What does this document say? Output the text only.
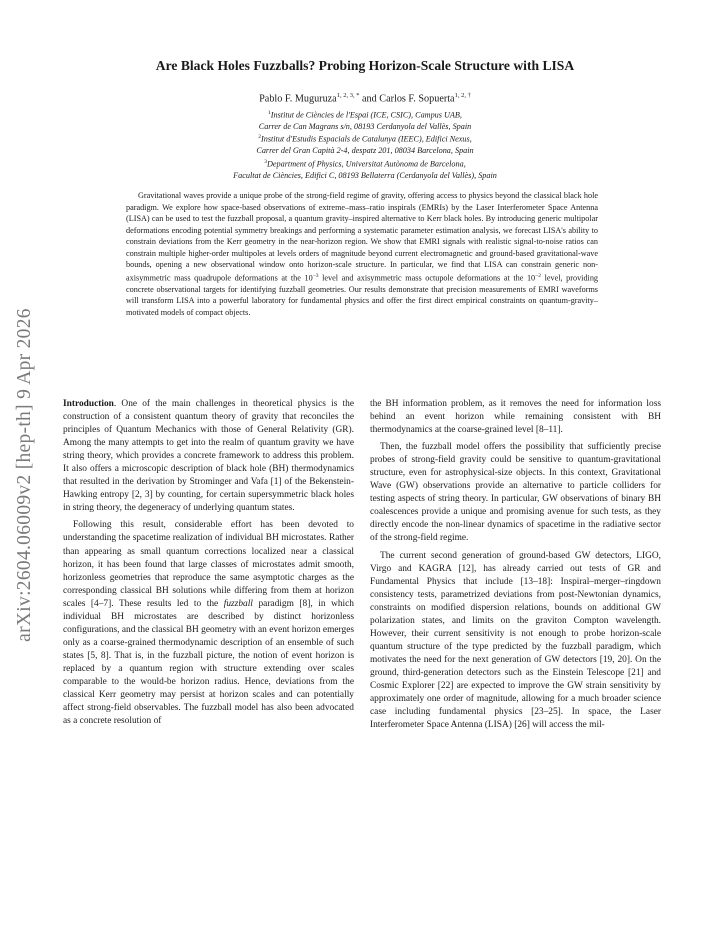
arXiv:2604.06009v2 [hep-th] 9 Apr 2026
Are Black Holes Fuzzballs? Probing Horizon-Scale Structure with LISA
Pablo F. Muguruza$^{1, 2, 3, *}$ and Carlos F. Sopuerta$^{1, 2, \dagger}$
$^1$Institut de Ciències de l'Espai (ICE, CSIC), Campus UAB,
Carrer de Can Magrans s/n, 08193 Cerdanyola del Vallès, Spain
$^2$Institut d'Estudis Espacials de Catalunya (IEEC), Edifici Nexus,
Carrer del Gran Capità 2-4, despatz 201, 08034 Barcelona, Spain
$^3$Department of Physics, Universitat Autònoma de Barcelona,
Facultat de Ciències, Edifici C, 08193 Bellaterra (Cerdanyola del Vallès), Spain
Gravitational waves provide a unique probe of the strong-field regime of gravity, offering access to physics beyond the classical black hole paradigm. We explore how space-based observations of extreme–mass–ratio inspirals (EMRIs) by the Laser Interferometer Space Antenna (LISA) can be used to test the fuzzball proposal, a quantum gravity–inspired alternative to Kerr black holes. By introducing generic multipolar deformations encoding potential symmetry breakings and performing a systematic parameter estimation analysis, we forecast LISA's ability to constrain deviations from the Kerr geometry in the near-horizon region. We show that EMRI signals with realistic signal-to-noise ratios can constrain multiple higher-order multipoles at levels orders of magnitude beyond current electromagnetic and ground-based gravitational-wave bounds, opening a new observational window onto horizon-scale structure. In particular, we find that LISA can constrain generic non-axisymmetric mass quadrupole deformations at the $10^{-3}$ level and axisymmetric mass octupole deformations at the $10^{-2}$ level, providing concrete observational targets for identifying fuzzball geometries. Our results demonstrate that precision measurements of EMRI waveforms will transform LISA into a powerful laboratory for fundamental physics and offer the first direct empirical constraints on quantum-gravity–motivated models of compact objects.

Introduction. One of the main challenges in theoretical physics is the construction of a consistent quantum theory of gravity that reconciles the principles of Quantum Mechanics with those of General Relativity (GR). Among the many attempts to get into the realm of quantum gravity we have string theory, which provides a concrete framework to address this problem. It also offers a microscopic description of black hole (BH) thermodynamics that resulted in the derivation by Strominger and Vafa [1] of the Bekenstein-Hawking entropy [2, 3] by counting, for certain supersymmetric black holes in string theory, the degeneracy of underlying quantum states.

Following this result, considerable effort has been devoted to understanding the spacetime realization of individual BH microstates. Rather than appearing as small quantum corrections localized near a classical horizon, it has been found that large classes of microstates admit smooth, horizonless geometries that reproduce the same asymptotic charges as the corresponding classical BH solutions while differing from them at horizon scales [4–7]. These results led to the fuzzball paradigm [8], in which individual BH microstates are described by distinct horizonless configurations, and the classical BH geometry with an event horizon emerges only as a coarse-grained thermodynamic description of an ensemble of such states [5, 8]. That is, in the fuzzball picture, the notion of event horizon is replaced by a quantum region with structure extending over scales comparable to the would-be horizon radius. Hence, deviations from the classical Kerr geometry may persist at horizon scales and can potentially affect strong-field observables. The fuzzball model has also been advocated as a concrete resolution of

the BH information problem, as it removes the need for information loss behind an event horizon while remaining consistent with BH thermodynamics at the coarse-grained level [8–11].

Then, the fuzzball model offers the possibility that sufficiently precise probes of strong-field gravity could be sensitive to quantum-gravitational structure, even for astrophysical-size objects. In this context, Gravitational Wave (GW) observations provide an alternative to particle colliders for testing aspects of string theory. In particular, GW observations of binary BH coalescences provide a unique and promising avenue for such tests, as they directly encode the non-linear dynamics of spacetime in the radiative sector of the strong-field regime.

The current second generation of ground-based GW detectors, LIGO, Virgo and KAGRA [12], has already carried out tests of GR and Fundamental Physics that include [13–18]: Inspiral–merger–ringdown consistency tests, parametrized deviations from post-Newtonian dynamics, constraints on modified dispersion relations, bounds on additional GW polarization states, and limits on the graviton Compton wavelength. However, their current sensitivity is not enough to probe horizon-scale quantum structure of the type predicted by the fuzzball paradigm, which motivates the need for the next generation of GW detectors [19, 20]. On the ground, third-generation detectors such as the Einstein Telescope [21] and Cosmic Explorer [22] are expected to improve the GW strain sensitivity by approximately one order of magnitude, allowing for a much broader science case including fundamental physics [23–25]. In space, the Laser Interferometer Space Antenna (LISA) [26] will access the mil-
